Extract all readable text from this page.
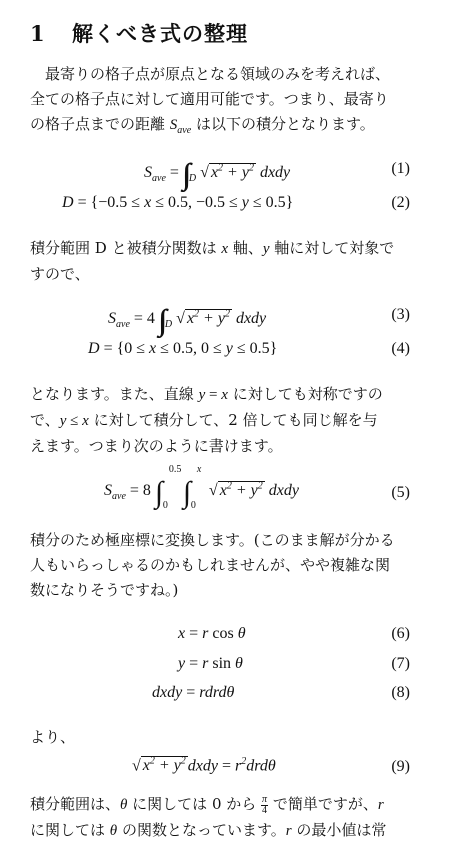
1 解くべき式の整理
最寄りの格子点が原点となる領域のみを考えれば、
全ての格子点に対して適用可能です。つまり、最寄り
の格子点までの距離 $S_{ave}$ は以下の積分となります。
$S_{ave} = _D$ √ $x^2 + y^2$ dxdy	(1)
D = {−0.5 ≤ x ≤ 0.5, −0.5 ≤ y ≤ 0.5}	(2)
積分範囲 D と被積分関数は x 軸、y 軸に対して対象で
すので、
$S_{ave} = 4$ $_D$ √ $x^2 + y^2$ dxdy	(3)
D = {0 ≤ x ≤ 0.5, 0 ≤ y ≤ 0.5}	(4)
となります。また、直線 y = x に対しても対称ですの
で、y ≤ x に対して積分して、2 倍しても同じ解を与
えます。つまり次のように書けます。
$S_{ave} = 8$ ∫
0.5
0 ∫
x
0
√ $x^2 + y^2$ dxdy	(5)
積分のため極座標に変換します。(このまま解が分かる
人もいらっしゃるのかもしれませんが、やや複雑な関
数になりそうですね。)
x = r cos θ	(6)
y = r sin θ	(7)
dxdy = rdrdθ	(8)
より、
√ $x^2 + y^2$ dxdy = $r^2drd\theta$	(9)
積分範囲は、θ に関しては 0 から $\frac{\pi}{4}$ で簡単ですが、r
に関しては θ の関数となっています。r の最小値は常
